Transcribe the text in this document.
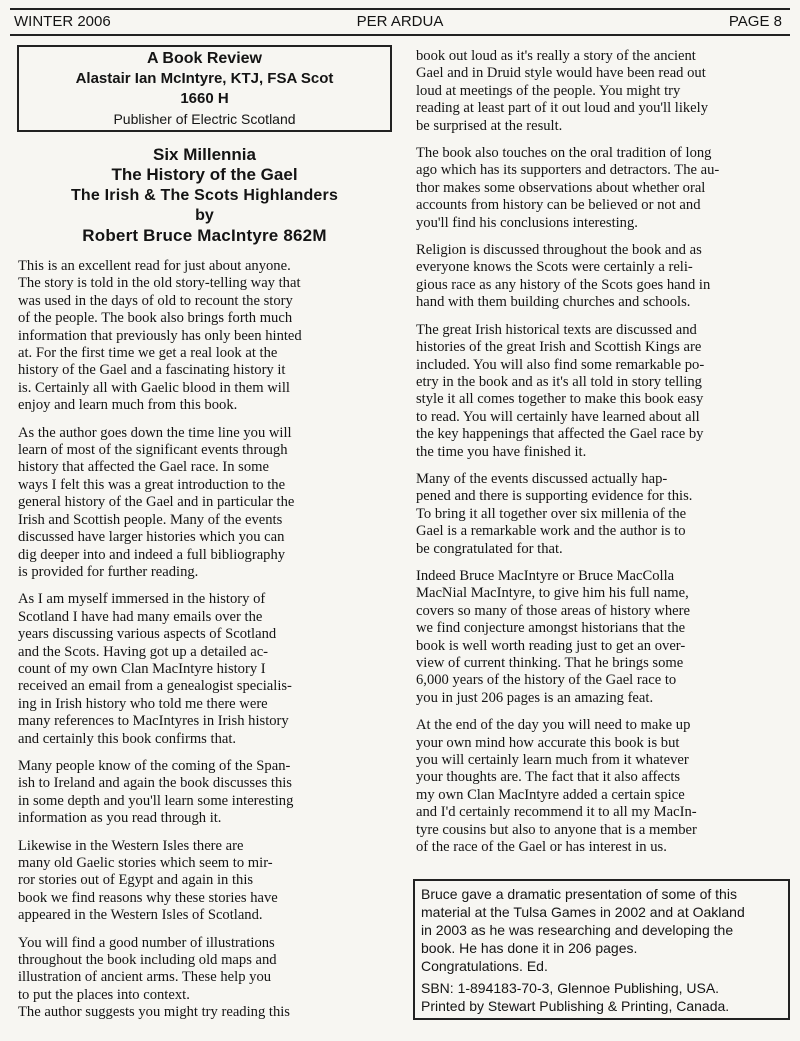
WINTER 2006	PER ARDUA	PAGE 8
A Book Review
Alastair Ian McIntyre, KTJ, FSA Scot
1660 H
Publisher of Electric Scotland
Six Millennia
The History of the Gael
The Irish & The Scots Highlanders
by
Robert Bruce MacIntyre 862M
This is an excellent read for just about anyone.
The story is told in the old story-telling way that
was used in the days of old to recount the story
of the people. The book also brings forth much
information that previously has only been hinted
at. For the first time we get a real look at the
history of the Gael and a fascinating history it
is. Certainly all with Gaelic blood in them will
enjoy and learn much from this book.
As the author goes down the time line you will
learn of most of the significant events through
history that affected the Gael race. In some
ways I felt this was a great introduction to the
general history of the Gael and in particular the
Irish and Scottish people. Many of the events
discussed have larger histories which you can
dig deeper into and indeed a full bibliography
is provided for further reading.
As I am myself immersed in the history of
Scotland I have had many emails over the
years discussing various aspects of Scotland
and the Scots. Having got up a detailed ac-
count of my own Clan MacIntyre history I
received an email from a genealogist specialis-
ing in Irish history who told me there were
many references to MacIntyres in Irish history
and certainly this book confirms that.
Many people know of the coming of the Span-
ish to Ireland and again the book discusses this
in some depth and you'll learn some interesting
information as you read through it.
Likewise in the Western Isles there are
many old Gaelic stories which seem to mir-
ror stories out of Egypt and again in this
book we find reasons why these stories have
appeared in the Western Isles of Scotland.
You will find a good number of illustrations
throughout the book including old maps and
illustration of ancient arms. These help you
to put the places into context.
The author suggests you might try reading this
book out loud as it's really a story of the ancient
Gael and in Druid style would have been read out
loud at meetings of the people. You might try
reading at least part of it out loud and you'll likely
be surprised at the result.
The book also touches on the oral tradition of long
ago which has its supporters and detractors. The au-
thor makes some observations about whether oral
accounts from history can be believed or not and
you'll find his conclusions interesting.
Religion is discussed throughout the book and as
everyone knows the Scots were certainly a reli-
gious race as any history of the Scots goes hand in
hand with them building churches and schools.
The great Irish historical texts are discussed and
histories of the great Irish and Scottish Kings are
included. You will also find some remarkable po-
etry in the book and as it's all told in story telling
style it all comes together to make this book easy
to read. You will certainly have learned about all
the key happenings that affected the Gael race by
the time you have finished it.
Many of the events discussed actually hap-
pened and there is supporting evidence for this.
To bring it all together over six millenia of the
Gael is a remarkable work and the author is to
be congratulated for that.
Indeed Bruce MacIntyre or Bruce MacColla
MacNial MacIntyre, to give him his full name,
covers so many of those areas of history where
we find conjecture amongst historians that the
book is well worth reading just to get an over-
view of current thinking. That he brings some
6,000 years of the history of the Gael race to
you in just 206 pages is an amazing feat.
At the end of the day you will need to make up
your own mind how accurate this book is but
you will certainly learn much from it whatever
your thoughts are. The fact that it also affects
my own Clan MacIntyre added a certain spice
and I'd certainly recommend it to all my MacIn-
tyre cousins but also to anyone that is a member
of the race of the Gael or has interest in us.
Bruce gave a dramatic presentation of some of this
material at the Tulsa Games in 2002 and at Oakland
in 2003 as he was researching and developing the
book. He has done it in 206 pages.
Congratulations. Ed.
SBN: 1-894183-70-3, Glennoe Publishing, USA.
Printed by Stewart Publishing & Printing, Canada.
